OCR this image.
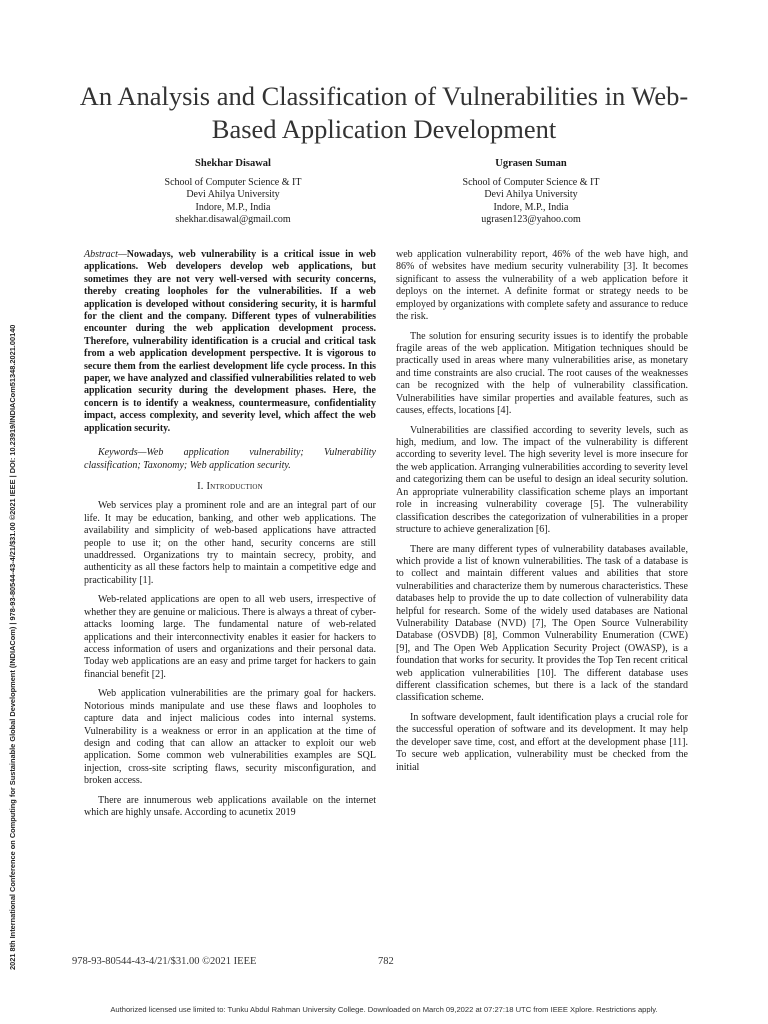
2021 8th International Conference on Computing for Sustainable Global Development (INDIACom) | 978-93-80544-43-4/21/$31.00 ©2021 IEEE | DOI: 10.23919/INDIACom51348.2021.00140
An Analysis and Classification of Vulnerabilities in Web-Based Application Development
Shekhar Disawal
School of Computer Science & IT
Devi Ahilya University
Indore, M.P., India
shekhar.disawal@gmail.com
Ugrasen Suman
School of Computer Science & IT
Devi Ahilya University
Indore, M.P., India
ugrasen123@yahoo.com

Abstract—Nowadays, web vulnerability is a critical issue in web applications. Web developers develop web applications, but sometimes they are not very well-versed with security concerns, thereby creating loopholes for the vulnerabilities. If a web application is developed without considering security, it is harmful for the client and the company. Different types of vulnerabilities encounter during the web application development process. Therefore, vulnerability identification is a crucial and critical task from a web application development perspective. It is vigorous to secure them from the earliest development life cycle process. In this paper, we have analyzed and classified vulnerabilities related to web application security during the development phases. Here, the concern is to identify a weakness, countermeasure, confidentiality impact, access complexity, and severity level, which affect the web application security.

Keywords—Web application vulnerability; Vulnerability classification; Taxonomy; Web application security.

I. Introduction

Web services play a prominent role and are an integral part of our life. It may be education, banking, and other web applications. The availability and simplicity of web-based applications have attracted people to use it; on the other hand, security concerns are still unaddressed. Organizations try to maintain secrecy, probity, and authenticity as all these factors help to maintain a competitive edge and practicability [1].

Web-related applications are open to all web users, irrespective of whether they are genuine or malicious. There is always a threat of cyber-attacks looming large. The fundamental nature of web-related applications and their interconnectivity enables it easier for hackers to access information of users and organizations and their personal data. Today web applications are an easy and prime target for hackers to gain financial benefit [2].

Web application vulnerabilities are the primary goal for hackers. Notorious minds manipulate and use these flaws and loopholes to capture data and inject malicious codes into internal systems. Vulnerability is a weakness or error in an application at the time of design and coding that can allow an attacker to exploit our web application. Some common web vulnerabilities examples are SQL injection, cross-site scripting flaws, security misconfiguration, and broken access.

There are innumerous web applications available on the internet which are highly unsafe. According to acunetix 2019

web application vulnerability report, 46% of the web have high, and 86% of websites have medium security vulnerability [3]. It becomes significant to assess the vulnerability of a web application before it deploys on the internet. A definite format or strategy needs to be employed by organizations with complete safety and assurance to reduce the risk.

The solution for ensuring security issues is to identify the probable fragile areas of the web application. Mitigation techniques should be practically used in areas where many vulnerabilities arise, as monetary and time constraints are also crucial. The root causes of the weaknesses can be recognized with the help of vulnerability classification. Vulnerabilities have similar properties and available features, such as causes, effects, locations [4].

Vulnerabilities are classified according to severity levels, such as high, medium, and low. The impact of the vulnerability is different according to severity level. The high severity level is more insecure for the web application. Arranging vulnerabilities according to severity level and categorizing them can be useful to design an ideal security solution. An appropriate vulnerability classification scheme plays an important role in increasing vulnerability coverage [5]. The vulnerability classification describes the categorization of vulnerabilities in a proper structure to achieve generalization [6].

There are many different types of vulnerability databases available, which provide a list of known vulnerabilities. The task of a database is to collect and maintain different values and abilities that store vulnerabilities and characterize them by numerous characteristics. These databases help to provide the up to date collection of vulnerability data helpful for research. Some of the widely used databases are National Vulnerability Database (NVD) [7], The Open Source Vulnerability Database (OSVDB) [8], Common Vulnerability Enumeration (CWE) [9], and The Open Web Application Security Project (OWASP), is a foundation that works for security. It provides the Top Ten recent critical web application vulnerabilities [10]. The different database uses different classification schemes, but there is a lack of the standard classification scheme.

In software development, fault identification plays a crucial role for the successful operation of software and its development. It may help the developer save time, cost, and effort at the development phase [11]. To secure web application, vulnerability must be checked from the initial

978-93-80544-43-4/21/$31.00 ©2021 IEEE	782
Authorized licensed use limited to: Tunku Abdul Rahman University College. Downloaded on March 09,2022 at 07:27:18 UTC from IEEE Xplore. Restrictions apply.
